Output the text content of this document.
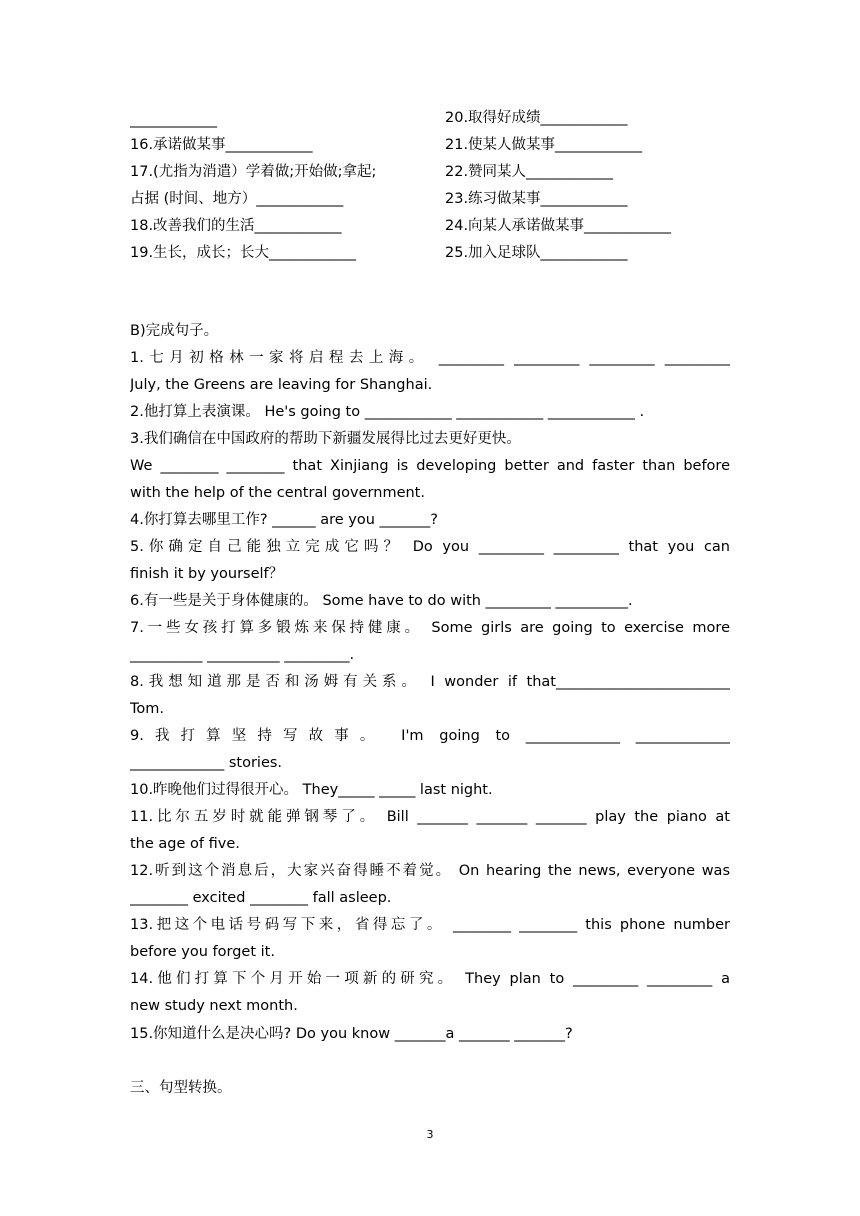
____________
16.承诺做某事____________
17.(尤指为消遣）学着做;开始做;拿起;
占据 (时间、地方）____________
18.改善我们的生活____________
19.生长，成长；长大____________
20.取得好成绩____________
21.使某人做某事____________
22.赞同某人____________
23.练习做某事____________
24.向某人承诺做某事____________
25.加入足球队____________
B)完成句子。
1.七月初格林一家将启程去上海。 _________ _________ _________ _________
July, the Greens are leaving for Shanghai.
2.他打算上表演课。 He's going to ____________ ____________ ____________ .
3.我们确信在中国政府的帮助下新疆发展得比过去更好更快。
We ________ ________ that Xinjiang is developing better and faster than before
with the help of the central government.
4.你打算去哪里工作? ______ are you _______?
5.你确定自己能独立完成它吗？ Do you _________ _________ that you can
finish it by yourself？
6.有一些是关于身体健康的。 Some have to do with _________ __________.
7.一些女孩打算多锻炼来保持健康。 Some girls are going to exercise more
__________ __________ _________.
8.我想知道那是否和汤姆有关系。 I wonder if that________________________
Tom.
9.我打算坚持写故事。 I'm going to _____________ _____________
_____________ stories.
10.昨晚他们过得很开心。 They_____ _____ last night.
11.比尔五岁时就能弹钢琴了。 Bill _______ _______ _______ play the piano at
the age of five.
12.听到这个消息后，大家兴奋得睡不着觉。 On hearing the news, everyone was
________ excited ________ fall asleep.
13.把这个电话号码写下来，省得忘了。 ________ ________ this phone number
before you forget it.
14.他们打算下个月开始一项新的研究。 They plan to _________ _________ a
new study next month.
15.你知道什么是决心吗? Do you know _______a _______ _______?
三、句型转换。
3
